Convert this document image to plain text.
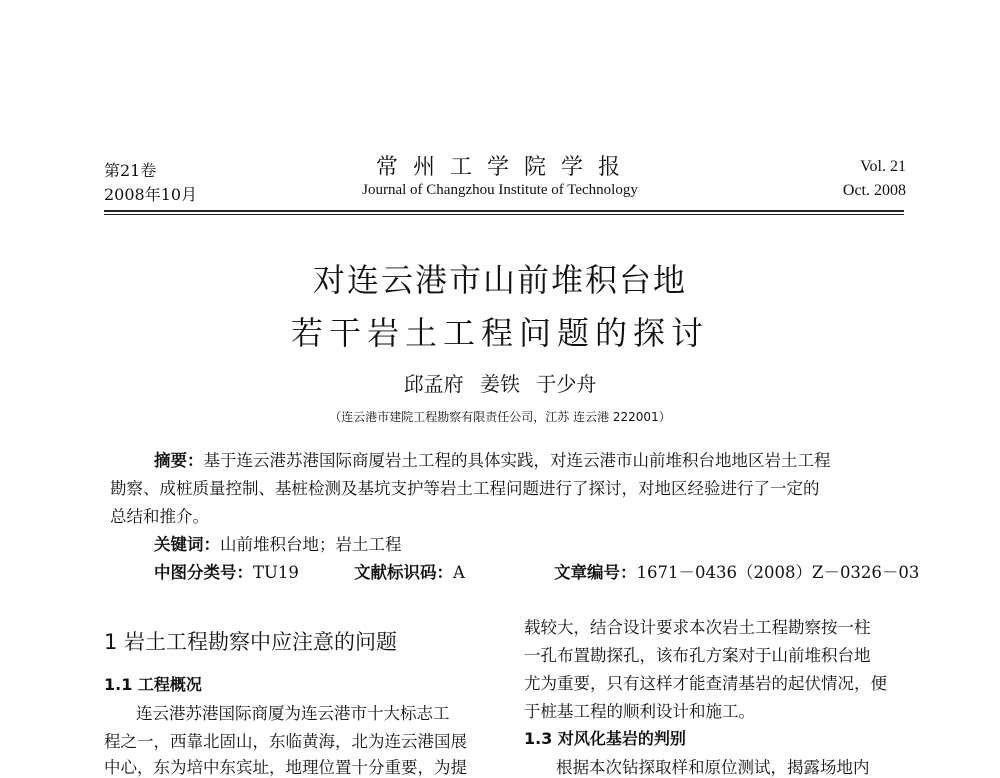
第21卷
2008年10月
常 州 工 学 院 学 报
Journal of Changzhou Institute of Technology
Vol. 21
Oct. 2008
对连云港市山前堆积台地
若干岩土工程问题的探讨
邱孟府 姜铁 于少舟
（连云港市建院工程勘察有限责任公司，江苏 连云港 222001）
摘要：基于连云港苏港国际商厦岩土工程的具体实践，对连云港市山前堆积台地地区岩土工程
勘察、成桩质量控制、基桩检测及基坑支护等岩土工程问题进行了探讨，对地区经验进行了一定的
总结和推介。
关键词：山前堆积台地；岩土工程
中图分类号：TU19	文献标识码：A	文章编号：1671－0436（2008）Z－0326－03
1 岩土工程勘察中应注意的问题
1.1 工程概况
连云港苏港国际商厦为连云港市十大标志工
程之一，西靠北固山，东临黄海，北为连云港国展
中心，东为培中东宾址，地理位置十分重要，为提
载较大，结合设计要求本次岩土工程勘察按一柱
一孔布置勘探孔，该布孔方案对于山前堆积台地
尤为重要，只有这样才能查清基岩的起伏情况，便
于桩基工程的顺利设计和施工。
1.3 对风化基岩的判别
根据本次钻探取样和原位测试，揭露场地内
